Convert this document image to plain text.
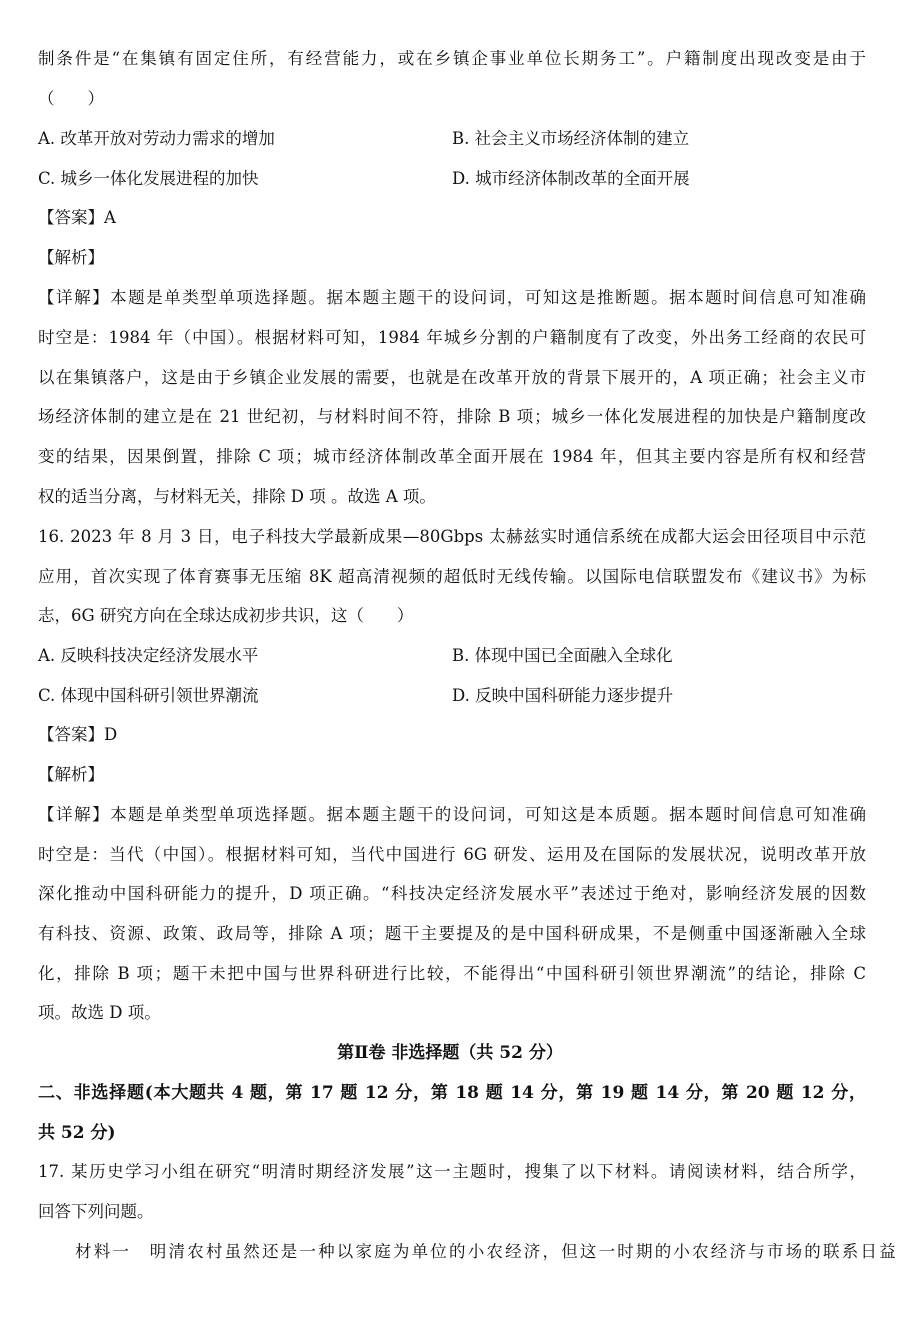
制条件是“在集镇有固定住所，有经营能力，或在乡镇企事业单位长期务工”。户籍制度出现改变是由于
（　　）
A. 改革开放对劳动力需求的增加	B. 社会主义市场经济体制的建立
C. 城乡一体化发展进程的加快	D. 城市经济体制改革的全面开展
【答案】A
【解析】
【详解】本题是单类型单项选择题。据本题主题干的设问词，可知这是推断题。据本题时间信息可知准确
时空是：1984 年（中国）。根据材料可知，1984 年城乡分割的户籍制度有了改变，外出务工经商的农民可
以在集镇落户，这是由于乡镇企业发展的需要，也就是在改革开放的背景下展开的，A 项正确；社会主义市
场经济体制的建立是在 21 世纪初，与材料时间不符，排除 B 项；城乡一体化发展进程的加快是户籍制度改
变的结果，因果倒置，排除 C 项；城市经济体制改革全面开展在 1984 年，但其主要内容是所有权和经营
权的适当分离，与材料无关，排除 D 项 。故选 A 项。
16. 2023 年 8 月 3 日，电子科技大学最新成果—80Gbps 太赫兹实时通信系统在成都大运会田径项目中示范
应用，首次实现了体育赛事无压缩 8K 超高清视频的超低时无线传输。以国际电信联盟发布《建议书》为标
志，6G 研究方向在全球达成初步共识，这（　　）
A. 反映科技决定经济发展水平	B. 体现中国已全面融入全球化
C. 体现中国科研引领世界潮流	D. 反映中国科研能力逐步提升
【答案】D
【解析】
【详解】本题是单类型单项选择题。据本题主题干的设问词，可知这是本质题。据本题时间信息可知准确
时空是：当代（中国）。根据材料可知，当代中国进行 6G 研发、运用及在国际的发展状况，说明改革开放
深化推动中国科研能力的提升，D 项正确。“科技决定经济发展水平”表述过于绝对，影响经济发展的因数
有科技、资源、政策、政局等，排除 A 项；题干主要提及的是中国科研成果，不是侧重中国逐渐融入全球
化，排除 B 项；题干未把中国与世界科研进行比较，不能得出“中国科研引领世界潮流”的结论，排除 C
项。故选 D 项。
第Ⅱ卷 非选择题（共 52 分）
二、非选择题(本大题共 4 题，第 17 题 12 分，第 18 题 14 分，第 19 题 14 分，第 20 题 12 分，
共 52 分)
17. 某历史学习小组在研究“明清时期经济发展”这一主题时，搜集了以下材料。请阅读材料，结合所学，
回答下列问题。
材料一　明清农村虽然还是一种以家庭为单位的小农经济，但这一时期的小农经济与市场的联系日益
